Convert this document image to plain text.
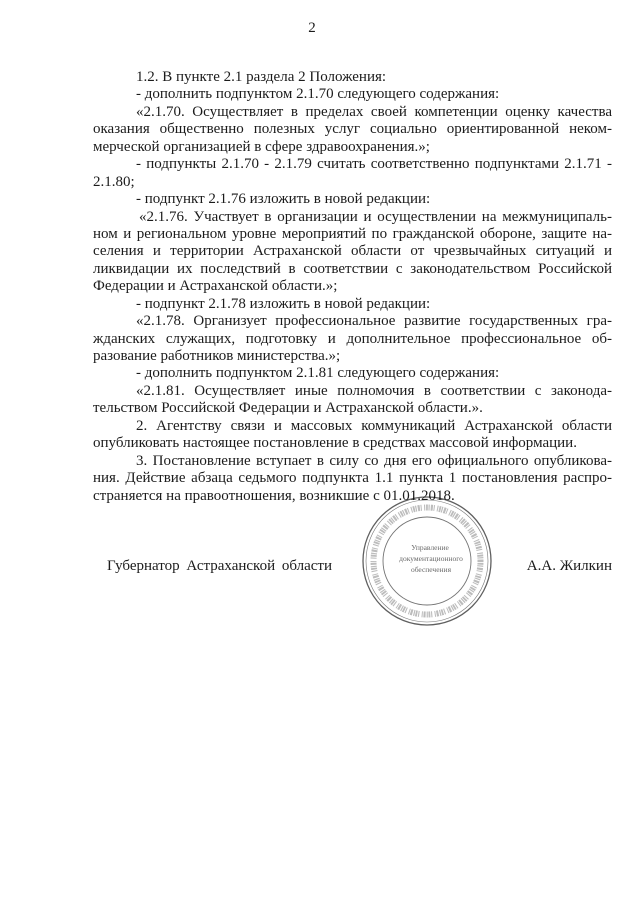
2
1.2. В пункте 2.1 раздела 2 Положения:
- дополнить подпунктом 2.1.70 следующего содержания:
«2.1.70. Осуществляет в пределах своей компетенции оценку качества
оказания общественно полезных услуг социально ориентированной неком-
мерческой организацией в сфере здравоохранения.»;
- подпункты 2.1.70 - 2.1.79 считать соответственно подпунктами 2.1.71 -
2.1.80;
- подпункт 2.1.76 изложить в новой редакции:
«2.1.76. Участвует в организации и осуществлении на межмуниципаль-
ном и региональном уровне мероприятий по гражданской обороне, защите на-
селения и территории Астраханской области от чрезвычайных ситуаций и
ликвидации их последствий в соответствии с законодательством Российской
Федерации и Астраханской области.»;
- подпункт 2.1.78 изложить в новой редакции:
«2.1.78. Организует профессиональное развитие государственных гра-
жданских служащих, подготовку и дополнительное профессиональное об-
разование работников министерства.»;
- дополнить подпунктом 2.1.81 следующего содержания:
«2.1.81. Осуществляет иные полномочия в соответствии с законода-
тельством Российской Федерации и Астраханской области.».
2. Агентству связи и массовых коммуникаций Астраханской области
опубликовать настоящее постановление в средствах массовой информации.
3. Постановление вступает в силу со дня его официального опубликова-
ния. Действие абзаца седьмого подпункта 1.1 пункта 1 постановления распро-
страняется на правоотношения, возникшие с 01.01.2018.
Губернатор Астраханской области	А.А. Жилкин
Управление
документационного
обеспечения
